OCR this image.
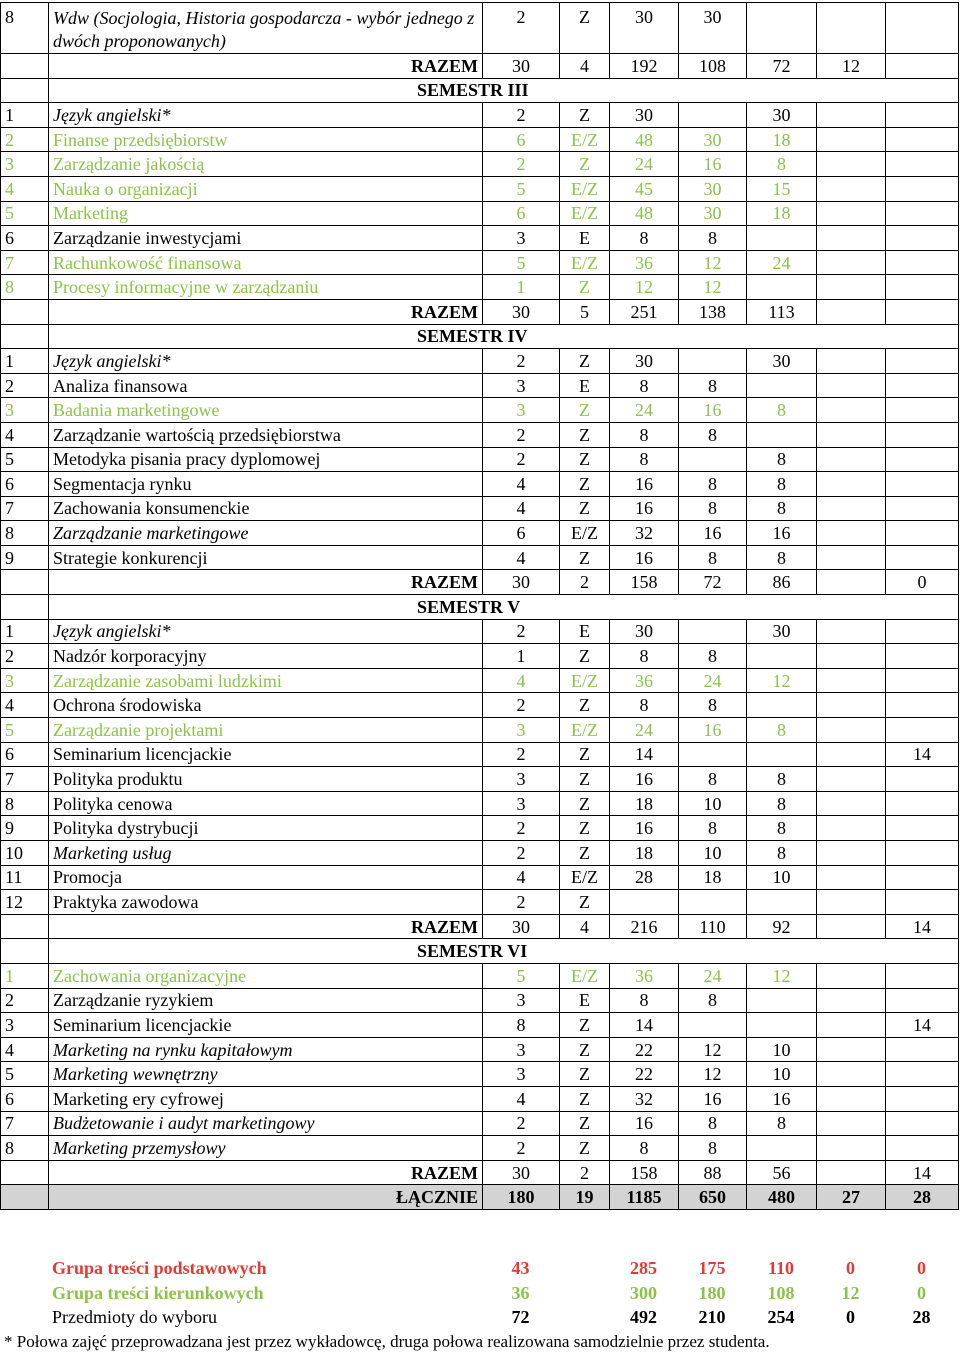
8	Wdw (Socjologia, Historia gospodarcza - wybór jednego z dwóch proponowanych)	2	Z	30	30			
	RAZEM	30	4	192	108	72	12	
	SEMESTR III							
1	Język angielski*	2	Z	30		30		
2	Finanse przedsiębiorstw	6	E/Z	48	30	18		
3	Zarządzanie jakością	2	Z	24	16	8		
4	Nauka o organizacji	5	E/Z	45	30	15		
5	Marketing	6	E/Z	48	30	18		
6	Zarządzanie inwestycjami	3	E	8	8			
7	Rachunkowość finansowa	5	E/Z	36	12	24		
8	Procesy informacyjne w zarządzaniu	1	Z	12	12			
	RAZEM	30	5	251	138	113		
	SEMESTR IV							
1	Język angielski*	2	Z	30		30		
2	Analiza finansowa	3	E	8	8			
3	Badania marketingowe	3	Z	24	16	8		
4	Zarządzanie wartością przedsiębiorstwa	2	Z	8	8			
5	Metodyka pisania pracy dyplomowej	2	Z	8		8		
6	Segmentacja rynku	4	Z	16	8	8		
7	Zachowania konsumenckie	4	Z	16	8	8		
8	Zarządzanie marketingowe	6	E/Z	32	16	16		
9	Strategie konkurencji	4	Z	16	8	8		
	RAZEM	30	2	158	72	86		0
	SEMESTR V							
1	Język angielski*	2	E	30		30		
2	Nadzór korporacyjny	1	Z	8	8			
3	Zarządzanie zasobami ludzkimi	4	E/Z	36	24	12		
4	Ochrona środowiska	2	Z	8	8			
5	Zarządzanie projektami	3	E/Z	24	16	8		
6	Seminarium licencjackie	2	Z	14				14
7	Polityka produktu	3	Z	16	8	8		
8	Polityka cenowa	3	Z	18	10	8		
9	Polityka dystrybucji	2	Z	16	8	8		
10	Marketing usług	2	Z	18	10	8		
11	Promocja	4	E/Z	28	18	10		
12	Praktyka zawodowa	2	Z					
	RAZEM	30	4	216	110	92		14
	SEMESTR VI							
1	Zachowania organizacyjne	5	E/Z	36	24	12		
2	Zarządzanie ryzykiem	3	E	8	8			
3	Seminarium licencjackie	8	Z	14				14
4	Marketing na rynku kapitałowym	3	Z	22	12	10		
5	Marketing wewnętrzny	3	Z	22	12	10		
6	Marketing ery cyfrowej	4	Z	32	16	16		
7	Budżetowanie i audyt marketingowy	2	Z	16	8	8		
8	Marketing przemysłowy	2	Z	8	8			
	RAZEM	30	2	158	88	56		14
	ŁĄCZNIE	180	19	1185	650	480	27	28
	Grupa treści podstawowych	43		285	175	110	0	0
	Grupa treści kierunkowych	36		300	180	108	12	0
	Przedmioty do wyboru	72		492	210	254	0	28
* Połowa zajęć przeprowadzana jest przez wykładowcę, druga połowa realizowana samodzielnie przez studenta.
